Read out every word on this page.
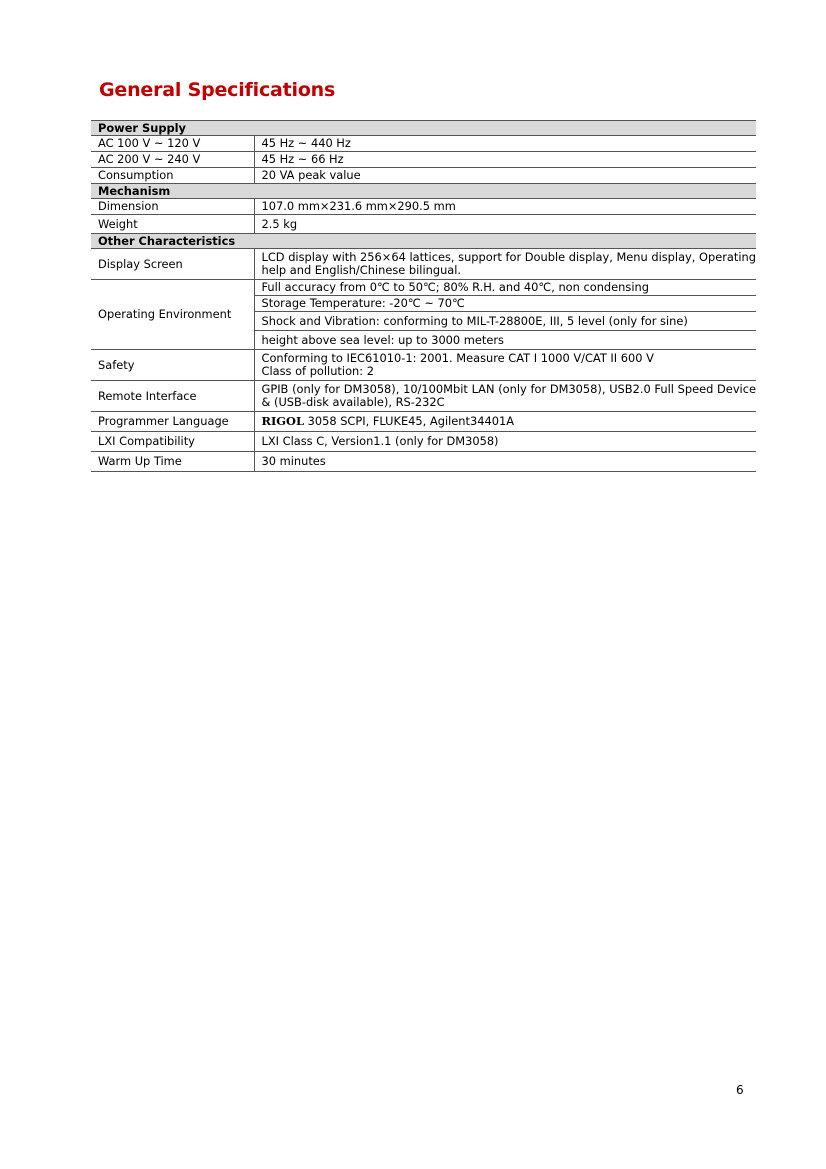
General Specifications
Power Supply	
AC 100 V ~ 120 V	45 Hz ~ 440 Hz
AC 200 V ~ 240 V	45 Hz ~ 66 Hz
Consumption	20 VA peak value
Mechanism	
Dimension	107.0 mm×231.6 mm×290.5 mm
Weight	2.5 kg
Other Characteristics	
Display Screen	LCD display with 256×64 lattices, support for Double display, Menu display, Operating help and English/Chinese bilingual.
Operating Environment	Full accuracy from 0℃ to 50℃; 80% R.H. and 40℃, non condensing
	Storage Temperature: -20℃ ~ 70℃
	Shock and Vibration: conforming to MIL-T-28800E, III, 5 level (only for sine)
	height above sea level: up to 3000 meters
Safety	Conforming to IEC61010-1: 2001. Measure CAT I 1000 V/CAT II 600 V
Class of pollution: 2
Remote Interface	GPIB (only for DM3058), 10/100Mbit LAN (only for DM3058), USB2.0 Full Speed Device & (USB-disk available), RS-232C
Programmer Language	RIGOL 3058 SCPI, FLUKE45, Agilent34401A
LXI Compatibility	LXI Class C, Version1.1 (only for DM3058)
Warm Up Time	30 minutes
6
